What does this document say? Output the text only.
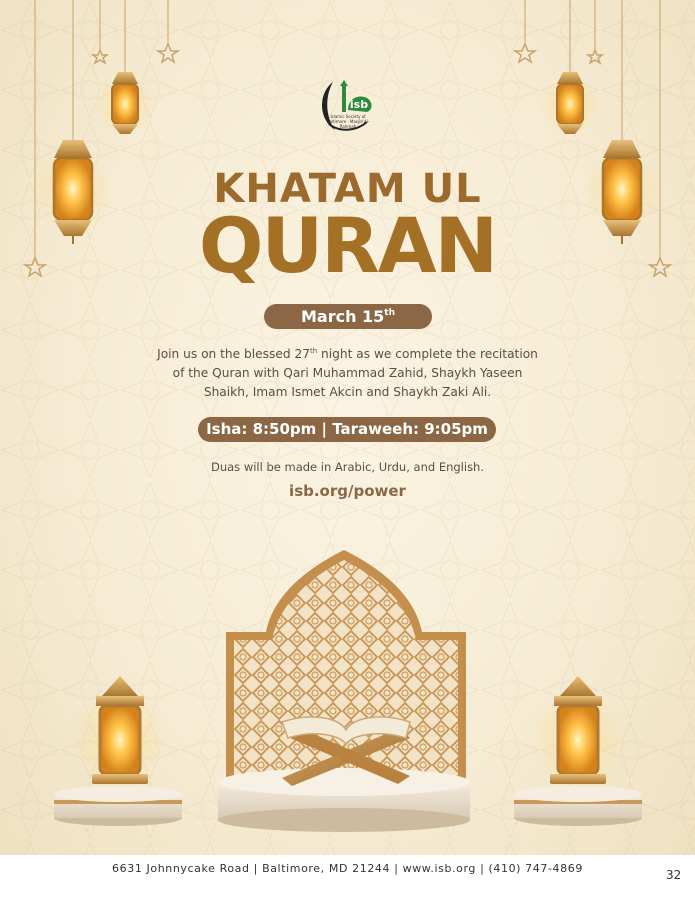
isb
Islamic Society of Baltimore · Masjid Al-Rahmah
KHATAM UL
QURAN
March 15th
Join us on the blessed 27th night as we complete the recitation
of the Quran with Qari Muhammad Zahid, Shaykh Yaseen
Shaikh, Imam Ismet Akcin and Shaykh Zaki Ali.
Isha: 8:50pm | Taraweeh: 9:05pm
Duas will be made in Arabic, Urdu, and English.
isb.org/power
6631 Johnnycake Road | Baltimore, MD 21244 | www.isb.org | (410) 747-4869	32
